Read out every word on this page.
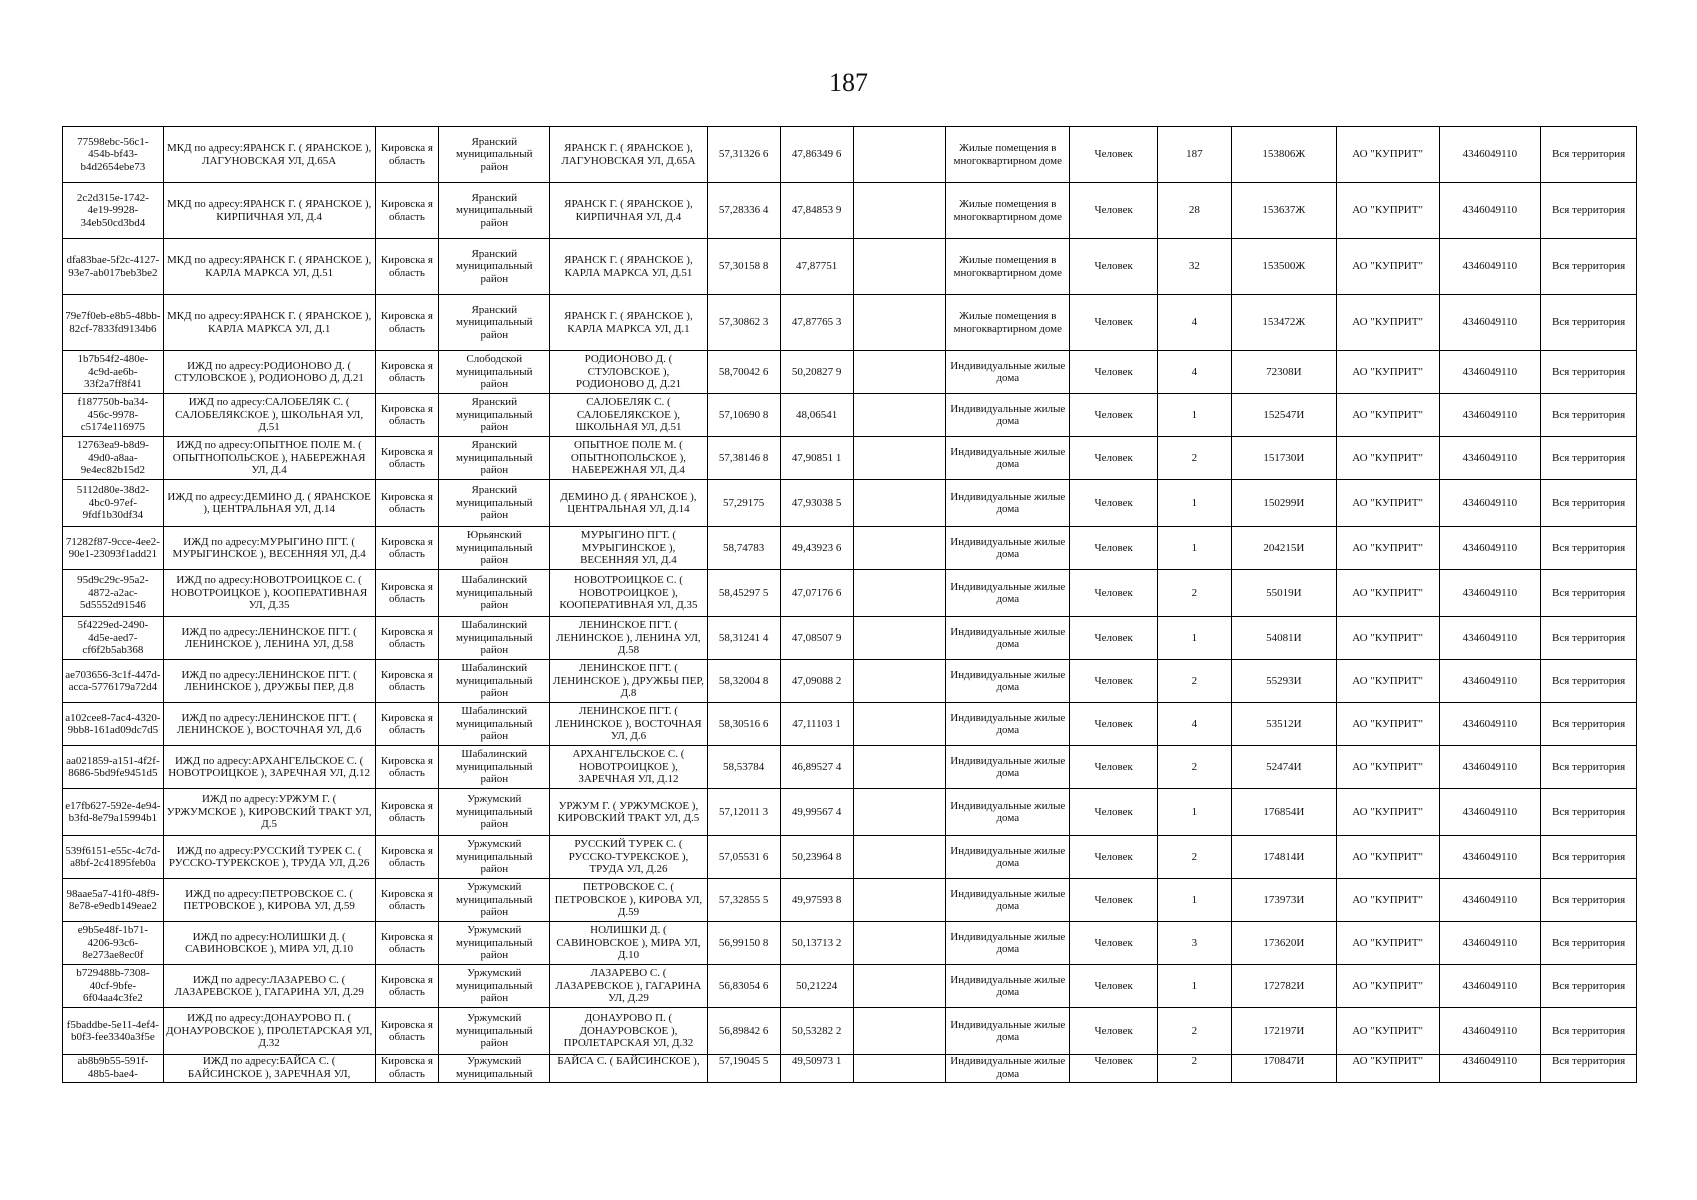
187
77598ebc-56c1-454b-bf43-b4d2654ebe73	МКД по адресу:ЯРАНСК Г. ( ЯРАНСКОЕ ), ЛАГУНОВСКАЯ УЛ, Д.65А	Кировска я область	Яранский муниципальный район	ЯРАНСК Г. ( ЯРАНСКОЕ ), ЛАГУНОВСКАЯ УЛ, Д.65А	57,31326 6	47,86349 6		Жилые помещения в многоквартирном доме	Человек	187	153806Ж	АО "КУПРИТ"	4346049110	Вся территория

2c2d315e-1742-4e19-9928-34eb50cd3bd4	МКД по адресу:ЯРАНСК Г. ( ЯРАНСКОЕ ), КИРПИЧНАЯ УЛ, Д.4	Кировска я область	Яранский муниципальный район	ЯРАНСК Г. ( ЯРАНСКОЕ ), КИРПИЧНАЯ УЛ, Д.4	57,28336 4	47,84853 9		Жилые помещения в многоквартирном доме	Человек	28	153637Ж	АО "КУПРИТ"	4346049110	Вся территория

dfa83bae-5f2c-4127-93e7-ab017beb3be2	МКД по адресу:ЯРАНСК Г. ( ЯРАНСКОЕ ), КАРЛА МАРКСА УЛ, Д.51	Кировска я область	Яранский муниципальный район	ЯРАНСК Г. ( ЯРАНСКОЕ ), КАРЛА МАРКСА УЛ, Д.51	57,30158 8	47,87751		Жилые помещения в многоквартирном доме	Человек	32	153500Ж	АО "КУПРИТ"	4346049110	Вся территория

79e7f0eb-e8b5-48bb-82cf-7833fd9134b6	МКД по адресу:ЯРАНСК Г. ( ЯРАНСКОЕ ), КАРЛА МАРКСА УЛ, Д.1	Кировска я область	Яранский муниципальный район	ЯРАНСК Г. ( ЯРАНСКОЕ ), КАРЛА МАРКСА УЛ, Д.1	57,30862 3	47,87765 3		Жилые помещения в многоквартирном доме	Человек	4	153472Ж	АО "КУПРИТ"	4346049110	Вся территория

1b7b54f2-480e-4c9d-ae6b-33f2a7ff8f41	ИЖД по адресу:РОДИОНОВО Д. ( СТУЛОВСКОЕ ), РОДИОНОВО Д, Д.21	Кировска я область	Слободской муниципальный район	РОДИОНОВО Д. ( СТУЛОВСКОЕ ), РОДИОНОВО Д, Д.21	58,70042 6	50,20827 9		Индивидуальные жилые дома	Человек	4	72308И	АО "КУПРИТ"	4346049110	Вся территория

f187750b-ba34-456c-9978-c5174e116975	ИЖД по адресу:САЛОБЕЛЯК С. ( САЛОБЕЛЯКСКОЕ ), ШКОЛЬНАЯ УЛ, Д.51	Кировска я область	Яранский муниципальный район	САЛОБЕЛЯК С. ( САЛОБЕЛЯКСКОЕ ), ШКОЛЬНАЯ УЛ, Д.51	57,10690 8	48,06541		Индивидуальные жилые дома	Человек	1	152547И	АО "КУПРИТ"	4346049110	Вся территория

12763ea9-b8d9-49d0-a8aa-9e4ec82b15d2	ИЖД по адресу:ОПЫТНОЕ ПОЛЕ М. ( ОПЫТНОПОЛЬСКОЕ ), НАБЕРЕЖНАЯ УЛ, Д.4	Кировска я область	Яранский муниципальный район	ОПЫТНОЕ ПОЛЕ М. ( ОПЫТНОПОЛЬСКОЕ ), НАБЕРЕЖНАЯ УЛ, Д.4	57,38146 8	47,90851 1		Индивидуальные жилые дома	Человек	2	151730И	АО "КУПРИТ"	4346049110	Вся территория

5112d80e-38d2-4bc0-97ef-9fdf1b30df34	ИЖД по адресу:ДЕМИНО Д. ( ЯРАНСКОЕ ), ЦЕНТРАЛЬНАЯ УЛ, Д.14	Кировска я область	Яранский муниципальный район	ДЕМИНО Д. ( ЯРАНСКОЕ ), ЦЕНТРАЛЬНАЯ УЛ, Д.14	57,29175	47,93038 5		Индивидуальные жилые дома	Человек	1	150299И	АО "КУПРИТ"	4346049110	Вся территория

71282f87-9cce-4ee2-90e1-23093f1add21	ИЖД по адресу:МУРЫГИНО ПГТ. ( МУРЫГИНСКОЕ ), ВЕСЕННЯЯ УЛ, Д.4	Кировска я область	Юрьянский муниципальный район	МУРЫГИНО ПГТ. ( МУРЫГИНСКОЕ ), ВЕСЕННЯЯ УЛ, Д.4	58,74783	49,43923 6		Индивидуальные жилые дома	Человек	1	204215И	АО "КУПРИТ"	4346049110	Вся территория

95d9c29c-95a2-4872-a2ac-5d5552d91546	ИЖД по адресу:НОВОТРОИЦКОЕ С. ( НОВОТРОИЦКОЕ ), КООПЕРАТИВНАЯ УЛ, Д.35	Кировска я область	Шабалинский муниципальный район	НОВОТРОИЦКОЕ С. ( НОВОТРОИЦКОЕ ), КООПЕРАТИВНАЯ УЛ, Д.35	58,45297 5	47,07176 6		Индивидуальные жилые дома	Человек	2	55019И	АО "КУПРИТ"	4346049110	Вся территория

5f4229ed-2490-4d5e-aed7-cf6f2b5ab368	ИЖД по адресу:ЛЕНИНСКОЕ ПГТ. ( ЛЕНИНСКОЕ ), ЛЕНИНА УЛ, Д.58	Кировска я область	Шабалинский муниципальный район	ЛЕНИНСКОЕ ПГТ. ( ЛЕНИНСКОЕ ), ЛЕНИНА УЛ, Д.58	58,31241 4	47,08507 9		Индивидуальные жилые дома	Человек	1	54081И	АО "КУПРИТ"	4346049110	Вся территория

ae703656-3c1f-447d-acca-5776179a72d4	ИЖД по адресу:ЛЕНИНСКОЕ ПГТ. ( ЛЕНИНСКОЕ ), ДРУЖБЫ ПЕР, Д.8	Кировска я область	Шабалинский муниципальный район	ЛЕНИНСКОЕ ПГТ. ( ЛЕНИНСКОЕ ), ДРУЖБЫ ПЕР, Д.8	58,32004 8	47,09088 2		Индивидуальные жилые дома	Человек	2	55293И	АО "КУПРИТ"	4346049110	Вся территория

a102cee8-7ac4-4320-9bb8-161ad09dc7d5	ИЖД по адресу:ЛЕНИНСКОЕ ПГТ. ( ЛЕНИНСКОЕ ), ВОСТОЧНАЯ УЛ, Д.6	Кировска я область	Шабалинский муниципальный район	ЛЕНИНСКОЕ ПГТ. ( ЛЕНИНСКОЕ ), ВОСТОЧНАЯ УЛ, Д.6	58,30516 6	47,11103 1		Индивидуальные жилые дома	Человек	4	53512И	АО "КУПРИТ"	4346049110	Вся территория

aa021859-a151-4f2f-8686-5bd9fe9451d5	ИЖД по адресу:АРХАНГЕЛЬСКОЕ С. ( НОВОТРОИЦКОЕ ), ЗАРЕЧНАЯ УЛ, Д.12	Кировска я область	Шабалинский муниципальный район	АРХАНГЕЛЬСКОЕ С. ( НОВОТРОИЦКОЕ ), ЗАРЕЧНАЯ УЛ, Д.12	58,53784	46,89527 4		Индивидуальные жилые дома	Человек	2	52474И	АО "КУПРИТ"	4346049110	Вся территория

e17fb627-592e-4e94-b3fd-8e79a15994b1	ИЖД по адресу:УРЖУМ Г. ( УРЖУМСКОЕ ), КИРОВСКИЙ ТРАКТ УЛ, Д.5	Кировска я область	Уржумский муниципальный район	УРЖУМ Г. ( УРЖУМСКОЕ ), КИРОВСКИЙ ТРАКТ УЛ, Д.5	57,12011 3	49,99567 4		Индивидуальные жилые дома	Человек	1	176854И	АО "КУПРИТ"	4346049110	Вся территория

539f6151-e55c-4c7d-a8bf-2c41895feb0a	ИЖД по адресу:РУССКИЙ ТУРЕК С. ( РУССКО-ТУРЕКСКОЕ ), ТРУДА УЛ, Д.26	Кировска я область	Уржумский муниципальный район	РУССКИЙ ТУРЕК С. ( РУССКО-ТУРЕКСКОЕ ), ТРУДА УЛ, Д.26	57,05531 6	50,23964 8		Индивидуальные жилые дома	Человек	2	174814И	АО "КУПРИТ"	4346049110	Вся территория

98aae5a7-41f0-48f9-8e78-e9edb149eae2	ИЖД по адресу:ПЕТРОВСКОЕ С. ( ПЕТРОВСКОЕ ), КИРОВА УЛ, Д.59	Кировска я область	Уржумский муниципальный район	ПЕТРОВСКОЕ С. ( ПЕТРОВСКОЕ ), КИРОВА УЛ, Д.59	57,32855 5	49,97593 8		Индивидуальные жилые дома	Человек	1	173973И	АО "КУПРИТ"	4346049110	Вся территория

e9b5e48f-1b71-4206-93c6-8e273ae8ec0f	ИЖД по адресу:НОЛИШКИ Д. ( САВИНОВСКОЕ ), МИРА УЛ, Д.10	Кировска я область	Уржумский муниципальный район	НОЛИШКИ Д. ( САВИНОВСКОЕ ), МИРА УЛ, Д.10	56,99150 8	50,13713 2		Индивидуальные жилые дома	Человек	3	173620И	АО "КУПРИТ"	4346049110	Вся территория

b729488b-7308-40cf-9bfe-6f04aa4c3fe2	ИЖД по адресу:ЛАЗАРЕВО С. ( ЛАЗАРЕВСКОЕ ), ГАГАРИНА УЛ, Д.29	Кировска я область	Уржумский муниципальный район	ЛАЗАРЕВО С. ( ЛАЗАРЕВСКОЕ ), ГАГАРИНА УЛ, Д.29	56,83054 6	50,21224		Индивидуальные жилые дома	Человек	1	172782И	АО "КУПРИТ"	4346049110	Вся территория

f5baddbe-5e11-4ef4-b0f3-fee3340a3f5e	ИЖД по адресу:ДОНАУРОВО П. ( ДОНАУРОВСКОЕ ), ПРОЛЕТАРСКАЯ УЛ, Д.32	Кировска я область	Уржумский муниципальный район	ДОНАУРОВО П. ( ДОНАУРОВСКОЕ ), ПРОЛЕТАРСКАЯ УЛ, Д.32	56,89842 6	50,53282 2		Индивидуальные жилые дома	Человек	2	172197И	АО "КУПРИТ"	4346049110	Вся территория

ab8b9b55-591f-48b5-bae4-	ИЖД по адресу:БАЙСА С. ( БАЙСИНСКОЕ ), ЗАРЕЧНАЯ УЛ,	Кировска я область	Уржумский муниципальный	БАЙСА С. ( БАЙСИНСКОЕ ),	57,19045 5	49,50973 1		Индивидуальные жилые дома	Человек	2	170847И	АО "КУПРИТ"	4346049110	Вся территория
